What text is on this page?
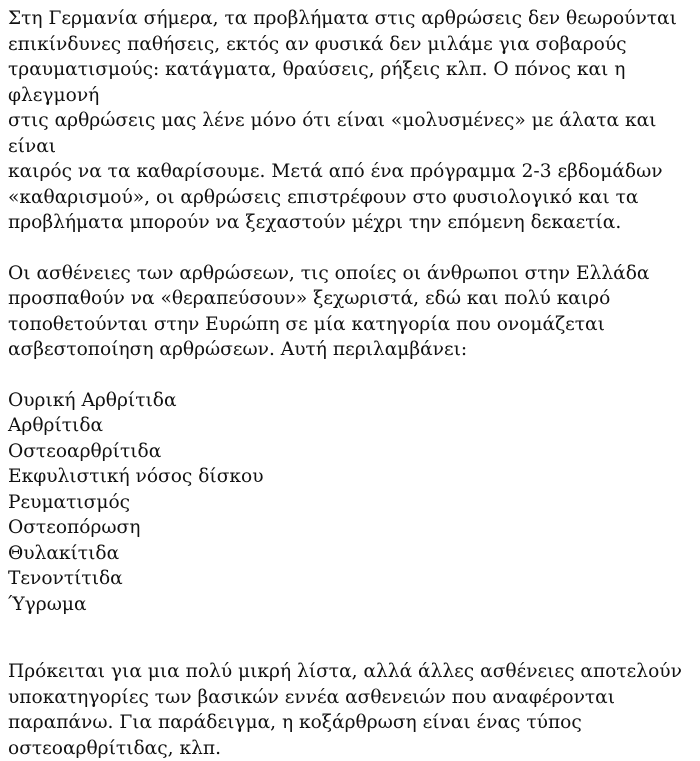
Στη Γερμανία σήμερα, τα προβλήματα στις αρθρώσεις δεν θεωρούνται
επικίνδυνες παθήσεις, εκτός αν φυσικά δεν μιλάμε για σοβαρούς
τραυματισμούς: κατάγματα, θραύσεις, ρήξεις κλπ. Ο πόνος και η φλεγμονή
στις αρθρώσεις μας λένε μόνο ότι είναι «μολυσμένες» με άλατα και είναι
καιρός να τα καθαρίσουμε. Μετά από ένα πρόγραμμα 2-3 εβδομάδων
«καθαρισμού», οι αρθρώσεις επιστρέφουν στο φυσιολογικό και τα
προβλήματα μπορούν να ξεχαστούν μέχρι την επόμενη δεκαετία.

Οι ασθένειες των αρθρώσεων, τις οποίες οι άνθρωποι στην Ελλάδα
προσπαθούν να «θεραπεύσουν» ξεχωριστά, εδώ και πολύ καιρό
τοποθετούνται στην Ευρώπη σε μία κατηγορία που ονομάζεται
ασβεστοποίηση αρθρώσεων. Αυτή περιλαμβάνει:

Ουρική Αρθρίτιδα
Αρθρίτιδα
Οστεοαρθρίτιδα
Εκφυλιστική νόσος δίσκου
Ρευματισμός
Οστεοπόρωση
Θυλακίτιδα
Τενοντίτιδα
Ύγρωμα

Πρόκειται για μια πολύ μικρή λίστα, αλλά άλλες ασθένειες αποτελούν
υποκατηγορίες των βασικών εννέα ασθενειών που αναφέρονται
παραπάνω. Για παράδειγμα, η κοξάρθρωση είναι ένας τύπος
οστεοαρθρίτιδας, κλπ.
